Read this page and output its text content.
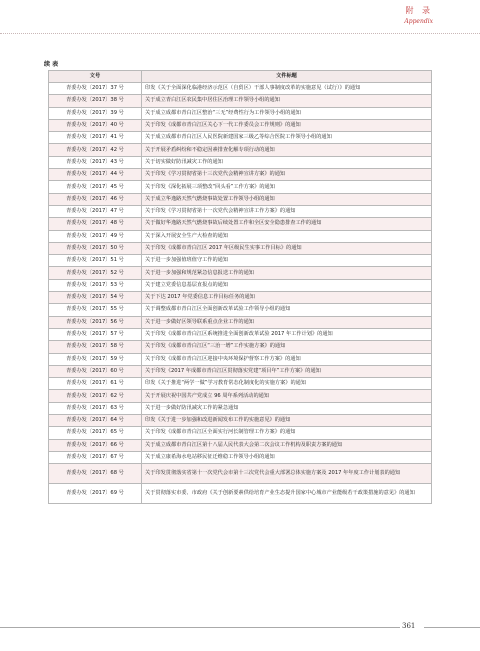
附 录
Appendix
续 表
文号	文件标题
青委办发〔2017〕37 号	印发《关于全面深化临港经济示范区（自贸区）干部人事制度改革的实施意见（试行）》的通知
青委办发〔2017〕38 号	关于成立青白江区农民集中居住区治理工作领导小组的通知
青委办发〔2017〕39 号	关于成立成都市青白江区整治“三无”经费性行为工作领导小组的通知
青委办发〔2017〕40 号	关于印发《成都市青白江区关心下一代工作委员会工作规则》的通知
青委办发〔2017〕41 号	关于成立成都市青白江区人民医院新建国家三级乙等综合医院工作领导小组的通知
青委办发〔2017〕42 号	关于开展矛盾纠纷和不稳定因素排查化解专项行动的通知
青委办发〔2017〕43 号	关于切实做好防汛减灾工作的通知
青委办发〔2017〕44 号	关于印发《学习贯彻省第十三次党代会精神宣讲方案》的通知
青委办发〔2017〕45 号	关于印发《深化拓展三项整改“回头看”工作方案》的通知
青委办发〔2017〕46 号	关于成立华逸路天然气燃烧事故处置工作领导小组的通知
青委办发〔2017〕47 号	关于印发《学习贯彻省第十一次党代会精神宣讲工作方案》的通知
青委办发〔2017〕48 号	关于做好华逸路天然气燃烧事故后续处置工作和全区安全隐患排查工作的通知
青委办发〔2017〕49 号	关于深入开展安全生产大检查的通知
青委办发〔2017〕50 号	关于印发《成都市青白江区 2017 年区级民生实事工作目标》的通知
青委办发〔2017〕51 号	关于进一步加强值班值守工作的通知
青委办发〔2017〕52 号	关于进一步加强和规范紧急信息报送工作的通知
青委办发〔2017〕53 号	关于建立党委信息基层直报点的通知
青委办发〔2017〕54 号	关于下达 2017 年党委信息工作目标任务的通知
青委办发〔2017〕55 号	关于调整成都市青白江区全面创新改革试验工作领导小组的通知
青委办发〔2017〕56 号	关于进一步做好区领导联系重点企业工作的通知
青委办发〔2017〕57 号	关于印发《成都市青白江区系统推进全面创新改革试验 2017 年工作计划》的通知
青委办发〔2017〕58 号	关于印发《成都市青白江区“三治一增”工作实施方案》的通知
青委办发〔2017〕59 号	关于印发《成都市青白江区迎接中央环境保护督察工作方案》的通知
青委办发〔2017〕60 号	关于印发《2017 年成都市青白江区贯彻落实党建“项目年”工作方案》的通知
青委办发〔2017〕61 号	印发《关于推进“两学一做”学习教育常态化制度化的实施方案》的通知
青委办发〔2017〕62 号	关于开展庆祝中国共产党成立 96 周年系列活动的通知
青委办发〔2017〕63 号	关于进一步做好防汛减灾工作的紧急通知
青委办发〔2017〕64 号	印发《关于进一步加强和改进新闻发布工作的实施意见》的通知
青委办发〔2017〕65 号	关于印发《成都市青白江区全面实行河长制管理工作方案》的通知
青委办发〔2017〕66 号	关于成立成都市青白江区第十八届人民代表大会第二次会议工作机构及职责方案的通知
青委办发〔2017〕67 号	关于成立康希海水电站移民征迁维稳工作领导小组的通知
青委办发〔2017〕68 号	关于印发贯彻落实省第十一次党代会市第十三次党代会重大部署总体实施方案及 2017 年年度工作计划表的通知
青委办发〔2017〕69 号	关于贯彻落实市委、市政府《关于创新要素供给培育产业生态提升国家中心城市产业能级若干政策措施的意见》的通知
361
